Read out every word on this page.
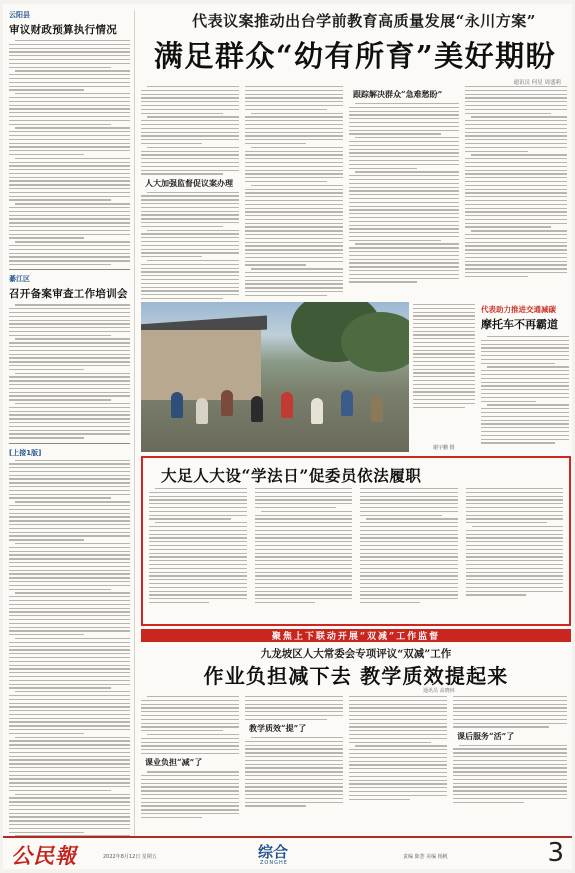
云阳县
审议财政预算执行情况
綦江区
召开备案审查工作培训会
[上接1版]
代表议案推动出台学前教育高质量发展“永川方案”
满足群众“幼有所育”美好期盼
通讯员 何星 周盛莉
人大加强监督促议案办理
跟踪解决群众“急难愁盼”
谢宇鹏 摄
代表助力推进交通减碳
摩托车不再霸道
大足人大设“学法日”促委员依法履职
聚焦上下联动开展“双减”工作监督
九龙坡区人大常委会专项评议“双减”工作
作业负担减下去 教学质效提起来
通讯员 高晓林
课业负担“减”了
教学质效“提”了
课后服务“活”了
公民報	2022年8月12日 星期五	综合
ZONGHE
责编 陈荟 美编 杨帆	3
